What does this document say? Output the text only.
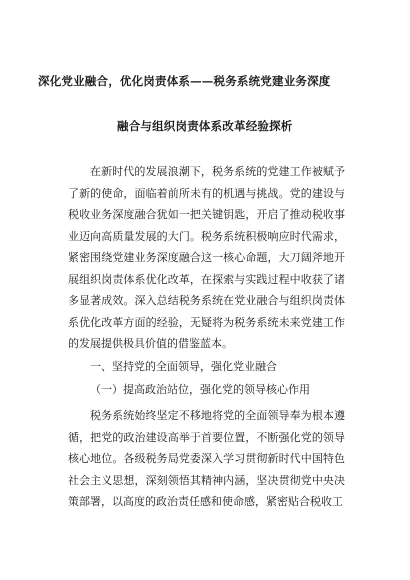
深化党业融合，优化岗责体系——税务系统党建业务深度
融合与组织岗责体系改革经验探析
在新时代的发展浪潮下，税务系统的党建工作被赋予了新的使命，面临着前所未有的机遇与挑战。党的建设与税收业务深度融合犹如一把关键钥匙，开启了推动税收事业迈向高质量发展的大门。税务系统积极响应时代需求，紧密围绕党建业务深度融合这一核心命题，大刀阔斧地开展组织岗责体系优化改革，在探索与实践过程中收获了诸多显著成效。深入总结税务系统在党业融合与组织岗责体系优化改革方面的经验，无疑将为税务系统未来党建工作的发展提供极具价值的借鉴蓝本。
一、坚持党的全面领导，强化党业融合
（一）提高政治站位，强化党的领导核心作用
税务系统始终坚定不移地将党的全面领导奉为根本遵循，把党的政治建设高举于首要位置，不断强化党的领导核心地位。各级税务局党委深入学习贯彻新时代中国特色社会主义思想，深刻领悟其精神内涵，坚决贯彻党中央决策部署，以高度的政治责任感和使命感，紧密贴合税收工
